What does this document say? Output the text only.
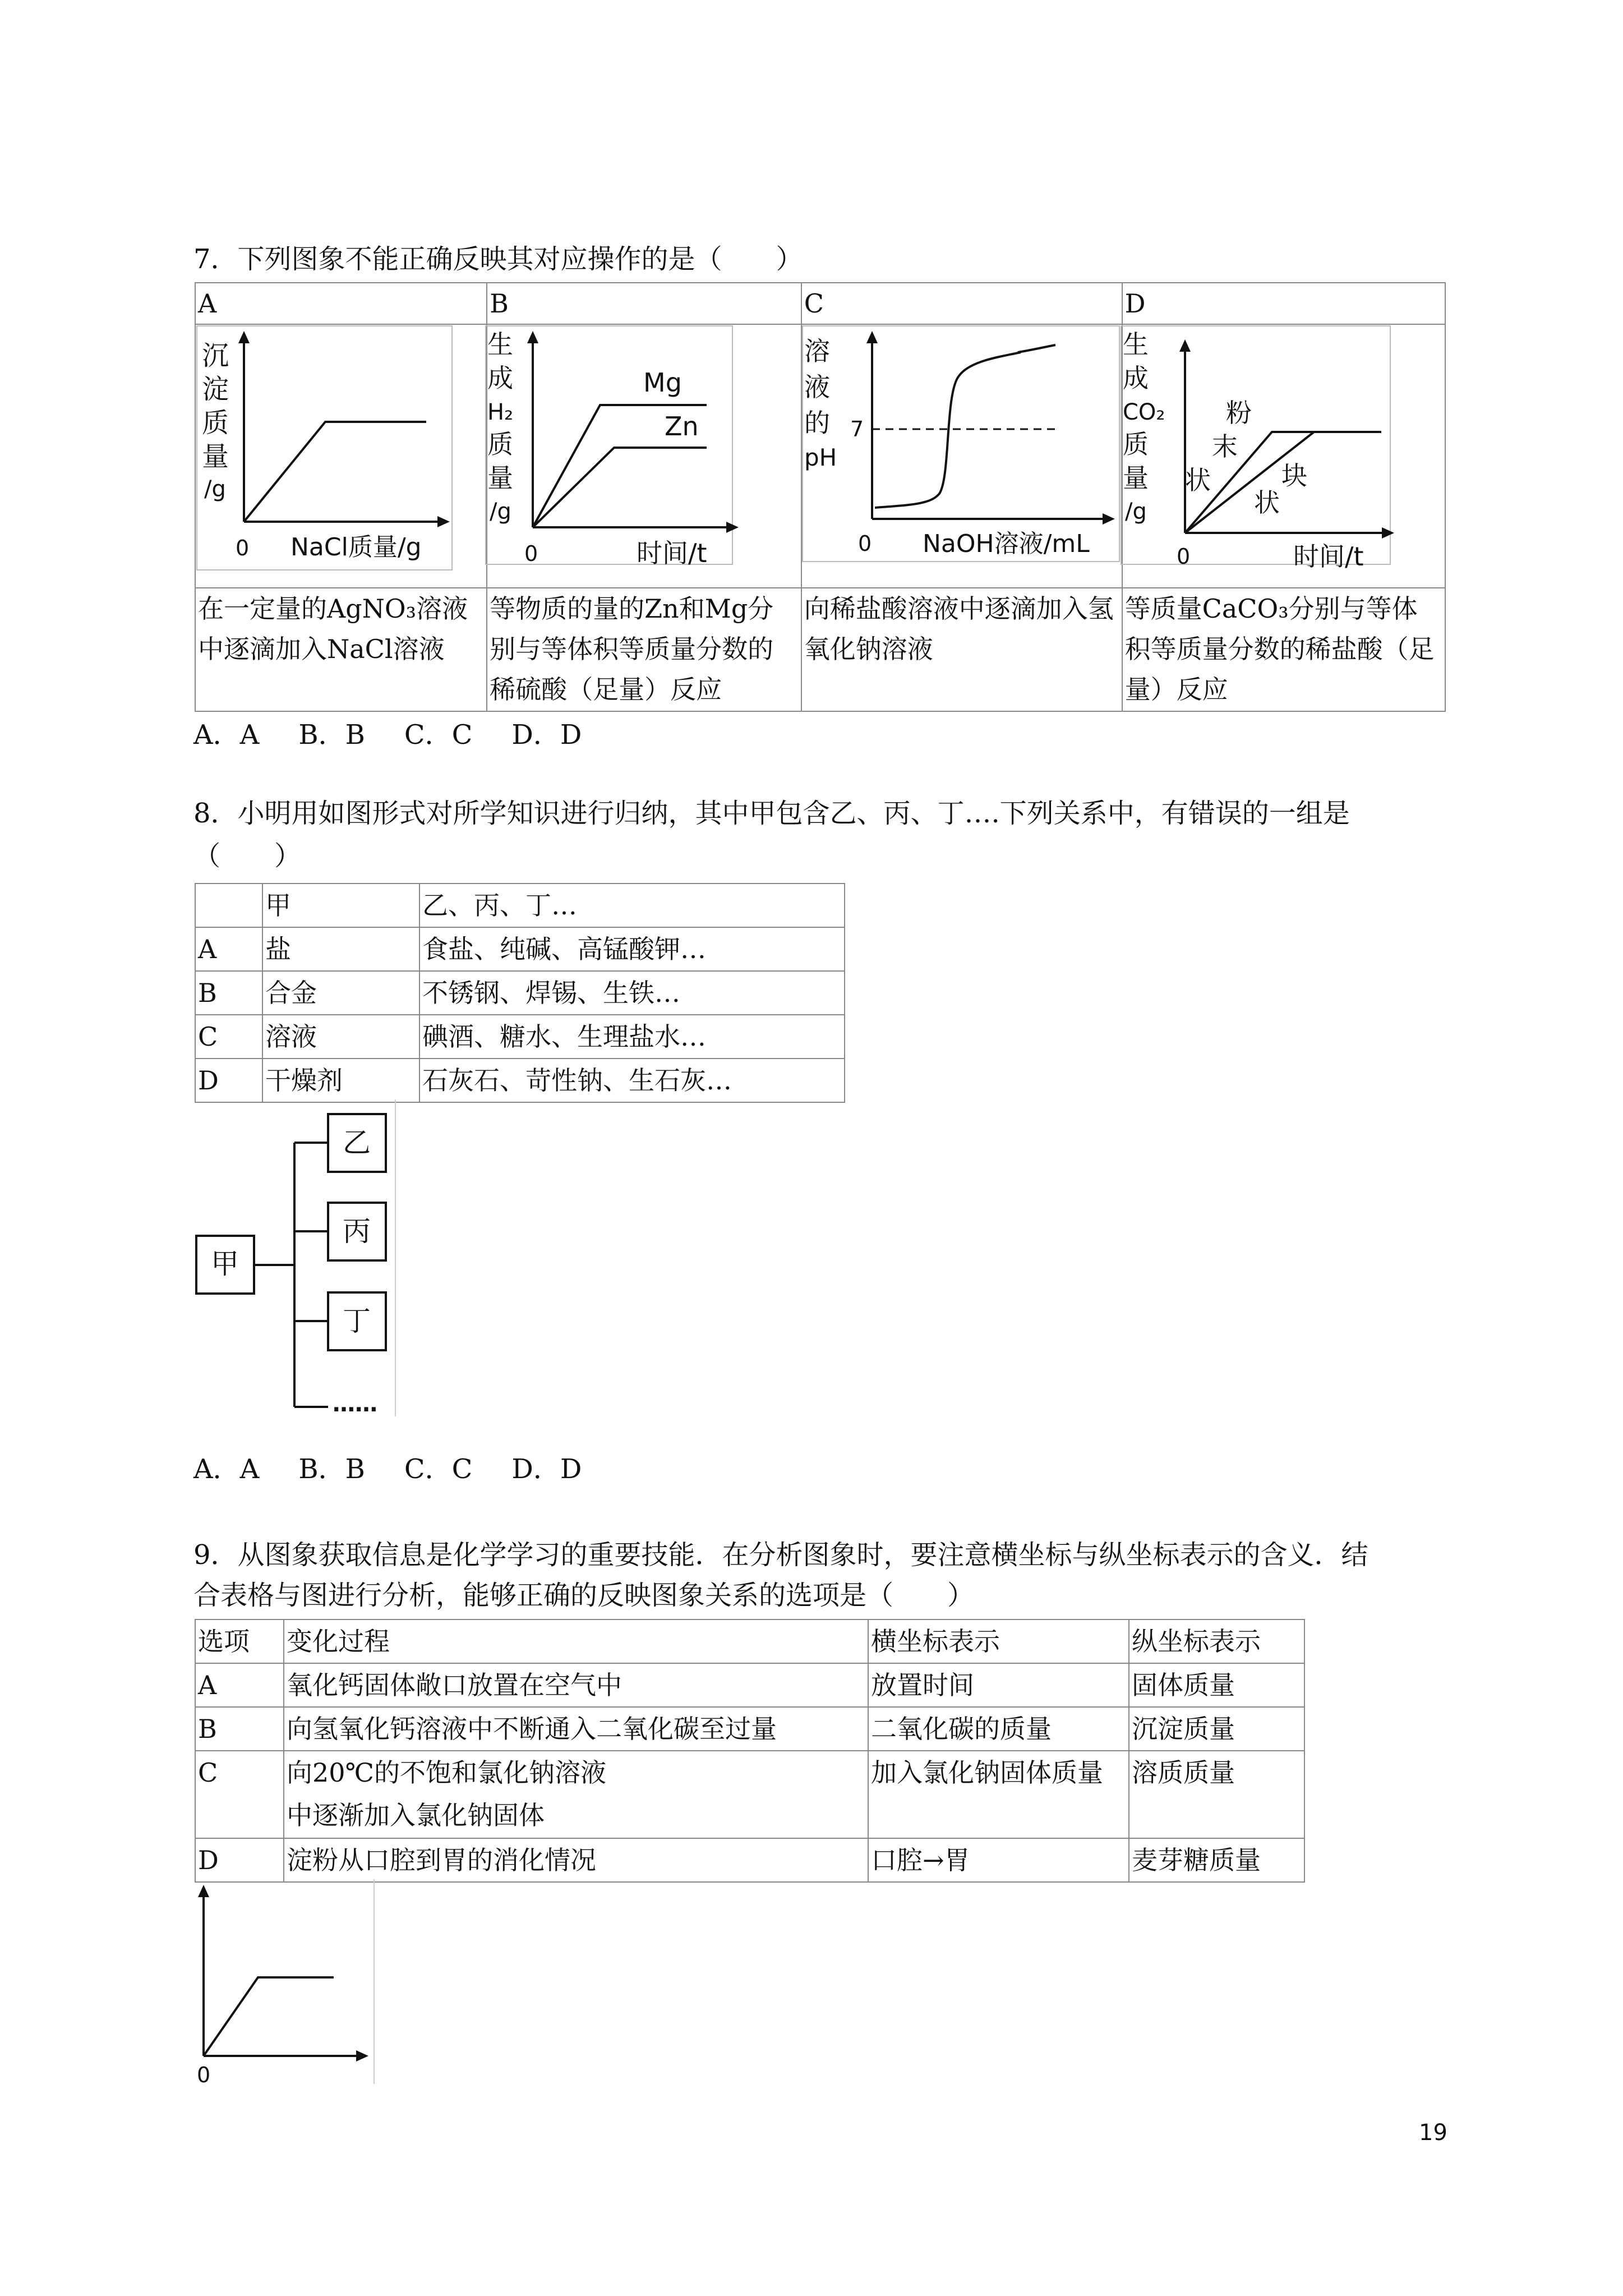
7．下列图象不能正确反映其对应操作的是（　　）
A	B	C	D

在一定量的AgNO₃溶液中逐滴加入NaCl溶液	等物质的量的Zn和Mg分别与等体积等质量分数的稀硫酸（足量）反应	向稀盐酸溶液中逐滴加入氢氧化钠溶液	等质量CaCO₃分别与等体积等质量分数的稀盐酸（足量）反应
沉
淀
质
量
/g
0 NaCl质量/g
Mg
Zn
生
成
H₂
质
量
/g
0	时间/t
溶
液
的
pH
7
0 NaOH溶液/mL
粉
末
状	块
状
生
成
CO₂
质
量
/g
0	时间/t
A．A B．B C．C D．D
8．小明用如图形式对所学知识进行归纳，其中甲包含乙、丙、丁….下列关系中，有错误的一组是
（　　）
	甲	乙、丙、丁…
A	盐	食盐、纯碱、高锰酸钾…
B	合金	不锈钢、焊锡、生铁…
C	溶液	碘酒、糖水、生理盐水…
D	干燥剂	石灰石、苛性钠、生石灰…
甲
乙
丙
丁
……
A．A B．B C．C D．D
9．从图象获取信息是化学学习的重要技能．在分析图象时，要注意横坐标与纵坐标表示的含义．结
合表格与图进行分析，能够正确的反映图象关系的选项是（　　）
选项	变化过程	横坐标表示	纵坐标表示
A	氧化钙固体敞口放置在空气中	放置时间	固体质量
B	向氢氧化钙溶液中不断通入二氧化碳至过量	二氧化碳的质量	沉淀质量
C	向20℃的不饱和氯化钠溶液中逐渐加入氯化钠固体	加入氯化钠固体质量	溶质质量
D	淀粉从口腔到胃的消化情况	口腔→胃	麦芽糖质量
0
19
